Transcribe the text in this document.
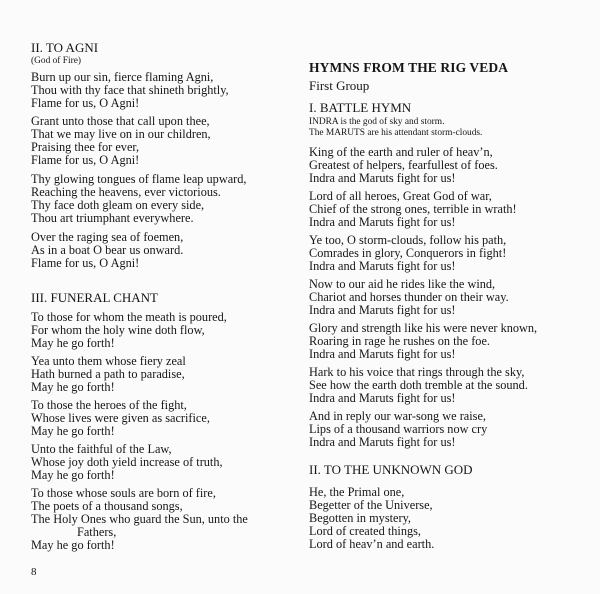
II. TO AGNI
(God of Fire)
Burn up our sin, fierce flaming Agni,
Thou with thy face that shineth brightly,
Flame for us, O Agni!
Grant unto those that call upon thee,
That we may live on in our children,
Praising thee for ever,
Flame for us, O Agni!
Thy glowing tongues of flame leap upward,
Reaching the heavens, ever victorious.
Thy face doth gleam on every side,
Thou art triumphant everywhere.
Over the raging sea of foemen,
As in a boat O bear us onward.
Flame for us, O Agni!
III. FUNERAL CHANT
To those for whom the meath is poured,
For whom the holy wine doth flow,
May he go forth!
Yea unto them whose fiery zeal
Hath burned a path to paradise,
May he go forth!
To those the heroes of the fight,
Whose lives were given as sacrifice,
May he go forth!
Unto the faithful of the Law,
Whose joy doth yield increase of truth,
May he go forth!
To those whose souls are born of fire,
The poets of a thousand songs,
The Holy Ones who guard the Sun, unto the
Fathers,
May he go forth!
8
HYMNS FROM THE RIG VEDA
First Group
I. BATTLE HYMN
INDRA is the god of sky and storm.
The MARUTS are his attendant storm-clouds.
King of the earth and ruler of heav’n,
Greatest of helpers, fearfullest of foes.
Indra and Maruts fight for us!
Lord of all heroes, Great God of war,
Chief of the strong ones, terrible in wrath!
Indra and Maruts fight for us!
Ye too, O storm-clouds, follow his path,
Comrades in glory, Conquerors in fight!
Indra and Maruts fight for us!
Now to our aid he rides like the wind,
Chariot and horses thunder on their way.
Indra and Maruts fight for us!
Glory and strength like his were never known,
Roaring in rage he rushes on the foe.
Indra and Maruts fight for us!
Hark to his voice that rings through the sky,
See how the earth doth tremble at the sound.
Indra and Maruts fight for us!
And in reply our war-song we raise,
Lips of a thousand warriors now cry
Indra and Maruts fight for us!
II. TO THE UNKNOWN GOD
He, the Primal one,
Begetter of the Universe,
Begotten in mystery,
Lord of created things,
Lord of heav’n and earth.
